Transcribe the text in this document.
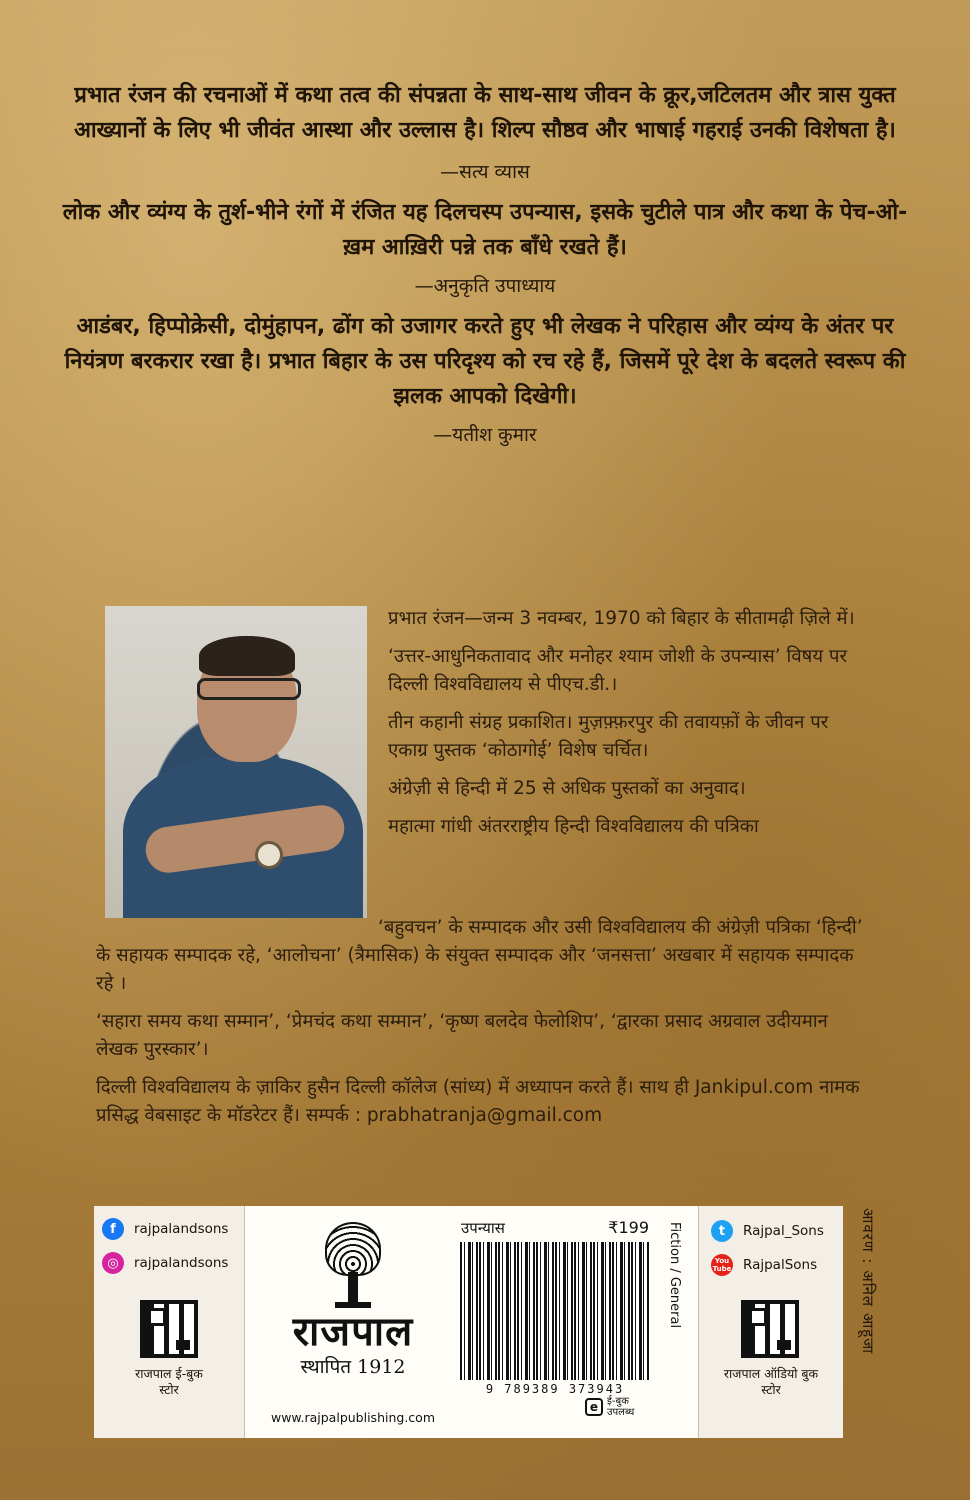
प्रभात रंजन की रचनाओं में कथा तत्व की संपन्नता के साथ-साथ जीवन के क्रूर,जटिलतम और त्रास युक्त आख्यानों के लिए भी जीवंत आस्था और उल्लास है। शिल्प सौष्ठव और भाषाई गहराई उनकी विशेषता है।

—सत्य व्यास

लोक और व्यंग्य के तुर्श-भीने रंगों में रंजित यह दिलचस्प उपन्यास, इसके चुटीले पात्र और कथा के पेच-ओ-ख़म आख़िरी पन्ने तक बाँधे रखते हैं।

—अनुकृति उपाध्याय

आडंबर, हिप्पोक्रेसी, दोमुंहापन, ढोंग को उजागर करते हुए भी लेखक ने परिहास और व्यंग्य के अंतर पर नियंत्रण बरकरार रखा है। प्रभात बिहार के उस परिदृश्य को रच रहे हैं, जिसमें पूरे देश के बदलते स्वरूप की झलक आपको दिखेगी।

—यतीश कुमार

प्रभात रंजन—जन्म 3 नवम्बर, 1970 को बिहार के सीतामढ़ी ज़िले में।

‘उत्तर-आधुनिकतावाद और मनोहर श्याम जोशी के उपन्यास’ विषय पर दिल्ली विश्वविद्यालय से पीएच.डी.।

तीन कहानी संग्रह प्रकाशित। मुज़फ़्फ़रपुर की तवायफ़ों के जीवन पर एकाग्र पुस्तक ‘कोठागोई’ विशेष चर्चित।

अंग्रेज़ी से हिन्दी में 25 से अधिक पुस्तकों का अनुवाद।

महात्मा गांधी अंतरराष्ट्रीय हिन्दी विश्वविद्यालय की पत्रिका

‘बहुवचन’ के सम्पादक और उसी विश्वविद्यालय की अंग्रेज़ी पत्रिका ‘हिन्दी’ के सहायक सम्पादक रहे, ‘आलोचना’ (त्रैमासिक) के संयुक्त सम्पादक और ‘जनसत्ता’ अखबार में सहायक सम्पादक रहे ।

‘सहारा समय कथा सम्मान’, ‘प्रेमचंद कथा सम्मान’, ‘कृष्ण बलदेव फेलोशिप’, ‘द्वारका प्रसाद अग्रवाल उदीयमान लेखक पुरस्कार’।

दिल्ली विश्वविद्यालय के ज़ाकिर हुसैन दिल्ली कॉलेज (सांध्य) में अध्यापन करते हैं। साथ ही Jankipul.com नामक प्रसिद्ध वेबसाइट के मॉडरेटर हैं। सम्पर्क : prabhatranja@gmail.com

आवरण : अनिल आहूजा
f	rajpalandsons
◎	rajpalandsons
राजपाल ई-बुक स्टोर
राजपाल
स्थापित 1912
www.rajpalpublishing.com
उपन्यास	₹199
9 789389 373943
Fiction / General
e ई-बुक उपलब्ध
t	Rajpal_Sons
You Tube RajpalSons
राजपाल ऑडियो बुक स्टोर
